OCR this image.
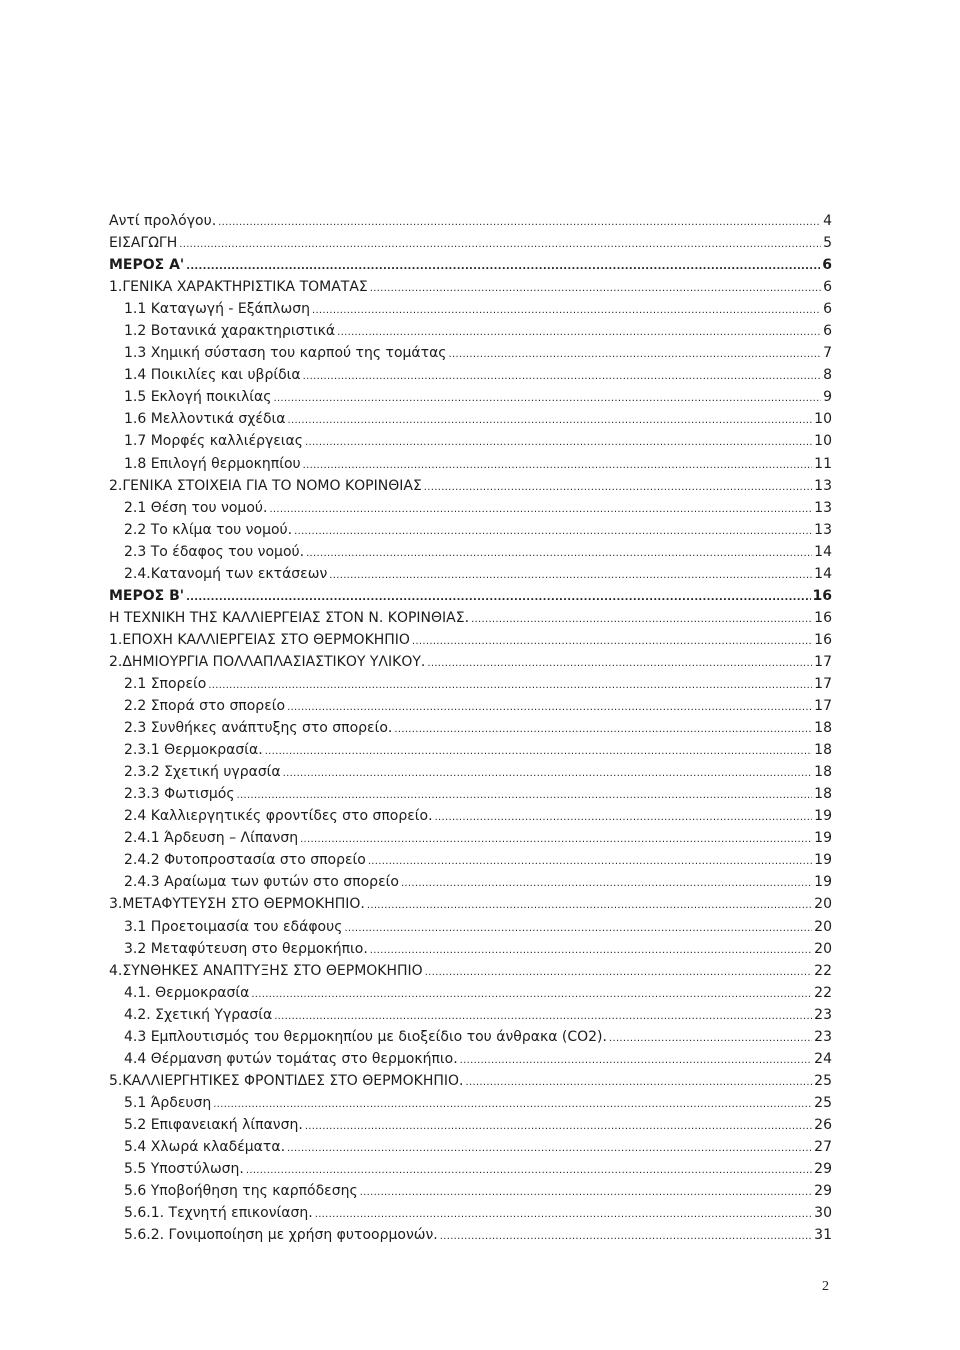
Αντί προλόγου. .....	4
ΕΙΣΑΓΩΓΗ .....	5
ΜΕΡΟΣ Α' .....	6
1.ΓΕΝΙΚΑ ΧΑΡΑΚΤΗΡΙΣΤΙΚΑ ΤΟΜΑΤΑΣ .....	6
1.1 Καταγωγή - Εξάπλωση .....	6
1.2 Βοτανικά χαρακτηριστικά .....	6
1.3 Χημική σύσταση του καρπού της τομάτας .....	7
1.4 Ποικιλίες και υβρίδια .....	8
1.5 Εκλογή ποικιλίας .....	9
1.6 Μελλοντικά σχέδια .....	10
1.7 Μορφές καλλιέργειας .....	10
1.8 Επιλογή θερμοκηπίου .....	11
2.ΓΕΝΙΚΑ ΣΤΟΙΧΕΙΑ ΓΙΑ ΤΟ ΝΟΜΟ ΚΟΡΙΝΘΙΑΣ .....	13
2.1 Θέση του νομού. .....	13
2.2 Το κλίμα του νομού. .....	13
2.3 Το έδαφος του νομού. .....	14
2.4.Κατανομή των εκτάσεων .....	14
ΜΕΡΟΣ Β' .....	16
Η ΤΕΧΝΙΚΗ ΤΗΣ ΚΑΛΛΙΕΡΓΕΙΑΣ ΣΤΟΝ Ν. ΚΟΡΙΝΘΙΑΣ. .....	16
1.ΕΠΟΧΗ ΚΑΛΛΙΕΡΓΕΙΑΣ ΣΤΟ ΘΕΡΜΟΚΗΠΙΟ .....	16
2.ΔΗΜΙΟΥΡΓΙΑ ΠΟΛΛΑΠΛΑΣΙΑΣΤΙΚΟΥ ΥΛΙΚΟΥ. .....	17
2.1 Σπορείο .....	17
2.2 Σπορά στο σπορείο .....	17
2.3 Συνθήκες ανάπτυξης στο σπορείο. .....	18
2.3.1 Θερμοκρασία. .....	18
2.3.2 Σχετική υγρασία .....	18
2.3.3 Φωτισμός .....	18
2.4 Καλλιεργητικές φροντίδες στο σπορείο. .....	19
2.4.1 Άρδευση – Λίπανση .....	19
2.4.2 Φυτοπροστασία στο σπορείο .....	19
2.4.3 Αραίωμα των φυτών στο σπορείο .....	19
3.ΜΕΤΑΦΥΤΕΥΣΗ ΣΤΟ ΘΕΡΜΟΚΗΠΙΟ. .....	20
3.1 Προετοιμασία του εδάφους .....	20
3.2 Μεταφύτευση στο θερμοκήπιο. .....	20
4.ΣΥΝΘΗΚΕΣ ΑΝΑΠΤΥΞΗΣ ΣΤΟ ΘΕΡΜΟΚΗΠΙΟ .....	22
4.1. Θερμοκρασία .....	22
4.2. Σχετική Υγρασία .....	23
4.3 Εμπλουτισμός του θερμοκηπίου με διοξείδιο του άνθρακα (CO2). .....	23
4.4 Θέρμανση φυτών τομάτας στο θερμοκήπιο. .....	24
5.ΚΑΛΛΙΕΡΓΗΤΙΚΕΣ ΦΡΟΝΤΙΔΕΣ ΣΤΟ ΘΕΡΜΟΚΗΠΙΟ. .....	25
5.1 Άρδευση .....	25
5.2 Επιφανειακή λίπανση. .....	26
5.4 Χλωρά κλαδέματα. .....	27
5.5 Υποστύλωση. .....	29
5.6 Υποβοήθηση της καρπόδεσης .....	29
5.6.1. Τεχνητή επικονίαση. .....	30
5.6.2. Γονιμοποίηση με χρήση φυτοορμονών. .....	31
2
